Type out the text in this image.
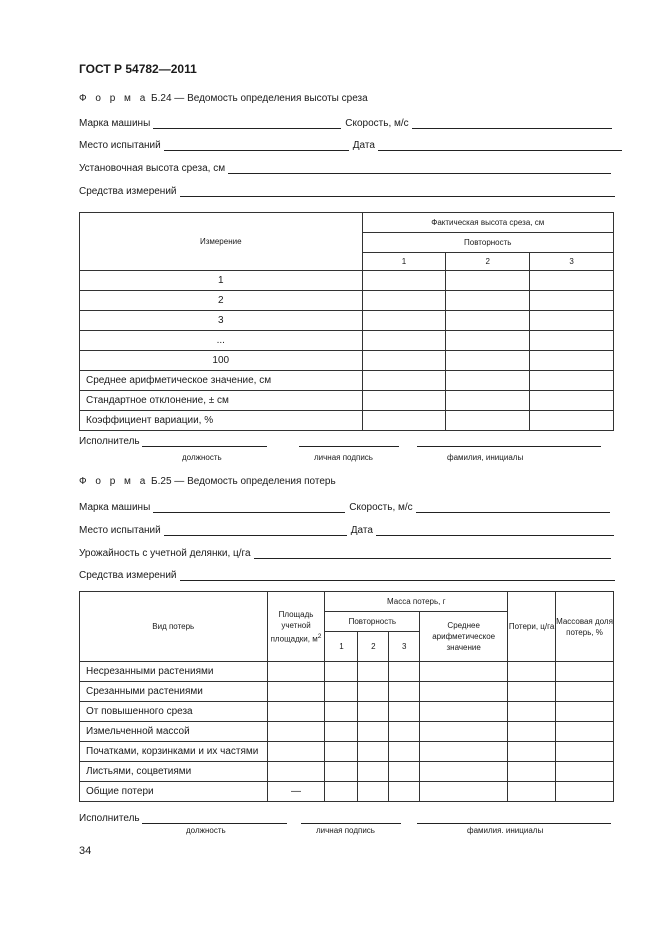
ГОСТ Р 54782—2011
Ф о р м а Б.24 — Ведомость определения высоты среза
Марка машины	Скорость, м/с
Место испытаний	Дата
Установочная высота среза, см
Средства измерений
Измерение	Фактическая высота среза, см		
	Повторность		
	1	2	3
1			
2			
3			
...			
100			
Среднее арифметическое значение, см			
Стандартное отклонение, ± см			
Коэффициент вариации, %			
Исполнитель
должность	личная подпись	фамилия, инициалы
Ф о р м а Б.25 — Ведомость определения потерь
Марка машины	Скорость, м/с
Место испытаний	Дата
Урожайность с учетной делянки, ц/га
Средства измерений
Вид потерь	Площадь учетной площадки, $м^2$	Масса потерь, г				Потери, ц/га	Массовая доля потерь, %
		Повторность			Среднее арифметическое значение		
		1	2	3			
Несрезанными растениями							
Срезанными растениями							
От повышенного среза							
Измельченной массой							
Початками, корзинками и их частями							
Листьями, соцветиями							
Общие потери	—						
Исполнитель
должность	личная подпись	фамилия. инициалы
34
